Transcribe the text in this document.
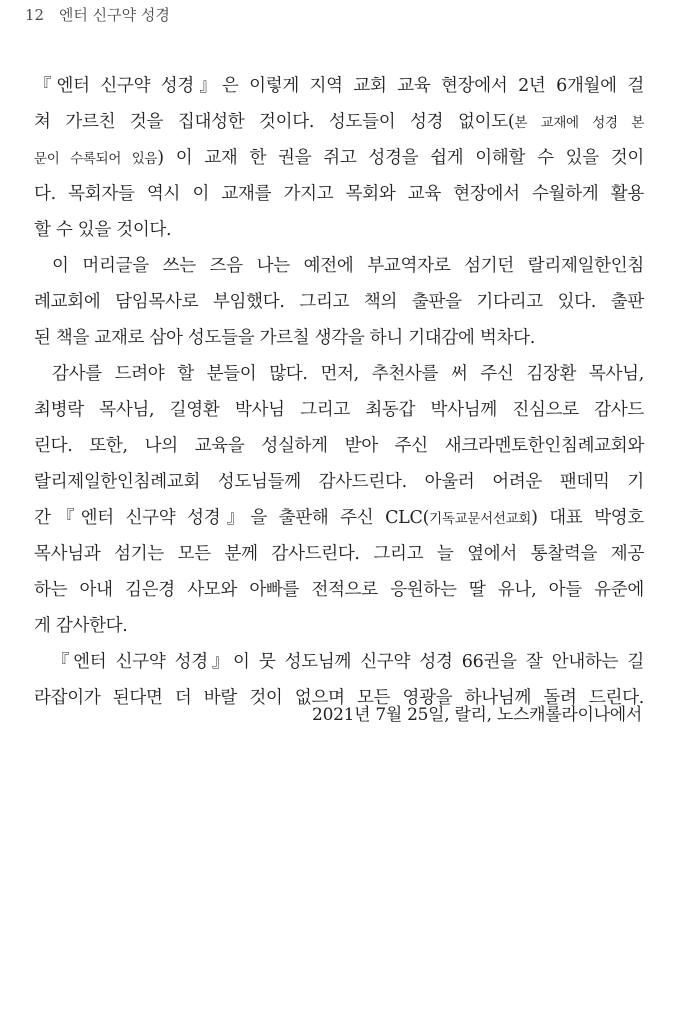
12 엔터 신구약 성경
『엔터 신구약 성경』은 이렇게 지역 교회 교육 현장에서 2년 6개월에 걸
쳐 가르친 것을 집대성한 것이다. 성도들이 성경 없이도(본 교재에 성경 본
문이 수록되어 있음) 이 교재 한 권을 쥐고 성경을 쉽게 이해할 수 있을 것이
다. 목회자들 역시 이 교재를 가지고 목회와 교육 현장에서 수월하게 활용
할 수 있을 것이다.
이 머리글을 쓰는 즈음 나는 예전에 부교역자로 섬기던 랄리제일한인침
례교회에 담임목사로 부임했다. 그리고 책의 출판을 기다리고 있다. 출판
된 책을 교재로 삼아 성도들을 가르칠 생각을 하니 기대감에 벅차다.
감사를 드려야 할 분들이 많다. 먼저, 추천사를 써 주신 김장환 목사님,
최병락 목사님, 길영환 박사님 그리고 최동갑 박사님께 진심으로 감사드
린다. 또한, 나의 교육을 성실하게 받아 주신 새크라멘토한인침례교회와
랄리제일한인침례교회 성도님들께 감사드린다. 아울러 어려운 팬데믹 기
간『엔터 신구약 성경』을 출판해 주신 CLC(기독교문서선교회) 대표 박영호
목사님과 섬기는 모든 분께 감사드린다. 그리고 늘 옆에서 통찰력을 제공
하는 아내 김은경 사모와 아빠를 전적으로 응원하는 딸 유나, 아들 유준에
게 감사한다.
『엔터 신구약 성경』이 뭇 성도님께 신구약 성경 66권을 잘 안내하는 길
라잡이가 된다면 더 바랄 것이 없으며 모든 영광을 하나님께 돌려 드린다.
2021년 7월 25일, 랄리, 노스캐롤라이나에서
